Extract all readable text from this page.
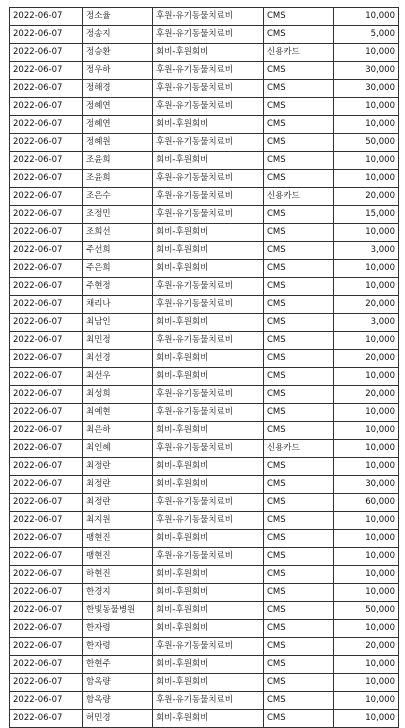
2022-06-07	정소율	후원-유기동물치료비	CMS	10,000
2022-06-07	정송지	후원-유기동물치료비	CMS	5,000
2022-06-07	정승환	회비-후원회비	신용카드	10,000
2022-06-07	정우하	후원-유기동물치료비	CMS	30,000
2022-06-07	정해경	후원-유기동물치료비	CMS	30,000
2022-06-07	정혜연	후원-유기동물치료비	CMS	10,000
2022-06-07	정혜연	회비-후원회비	CMS	10,000
2022-06-07	정혜원	후원-유기동물치료비	CMS	50,000
2022-06-07	조윤희	회비-후원회비	CMS	10,000
2022-06-07	조윤희	후원-유기동물치료비	CMS	10,000
2022-06-07	조은수	후원-유기동물치료비	신용카드	20,000
2022-06-07	조정민	후원-유기동물치료비	CMS	15,000
2022-06-07	조희선	회비-후원회비	CMS	10,000
2022-06-07	주선희	회비-후원회비	CMS	3,000
2022-06-07	주은희	회비-후원회비	CMS	10,000
2022-06-07	주현정	후원-유기동물치료비	CMS	10,000
2022-06-07	채리나	후원-유기동물치료비	CMS	20,000
2022-06-07	최남인	회비-후원회비	CMS	3,000
2022-06-07	최민정	후원-유기동물치료비	CMS	10,000
2022-06-07	최선경	회비-후원회비	CMS	20,000
2022-06-07	최선우	회비-후원회비	CMS	10,000
2022-06-07	최성희	후원-유기동물치료비	CMS	20,000
2022-06-07	최예현	후원-유기동물치료비	CMS	10,000
2022-06-07	최은하	회비-후원회비	CMS	10,000
2022-06-07	최인혜	후원-유기동물치료비	신용카드	10,000
2022-06-07	최정란	회비-후원회비	CMS	10,000
2022-06-07	최정란	회비-후원회비	CMS	30,000
2022-06-07	최정란	후원-유기동물치료비	CMS	60,000
2022-06-07	최지원	후원-유기동물치료비	CMS	10,000
2022-06-07	팽현진	회비-후원회비	CMS	10,000
2022-06-07	팽현진	후원-유기동물치료비	CMS	10,000
2022-06-07	하현진	회비-후원회비	CMS	10,000
2022-06-07	한경지	회비-후원회비	CMS	10,000
2022-06-07	한빛동물병원	회비-후원회비	CMS	50,000
2022-06-07	한자령	회비-후원회비	CMS	10,000
2022-06-07	한자령	후원-유기동물치료비	CMS	20,000
2022-06-07	한현주	회비-후원회비	CMS	10,000
2022-06-07	함옥량	회비-후원회비	CMS	10,000
2022-06-07	함옥량	후원-유기동물치료비	CMS	10,000
2022-06-07	허민경	회비-후원회비	CMS	10,000
